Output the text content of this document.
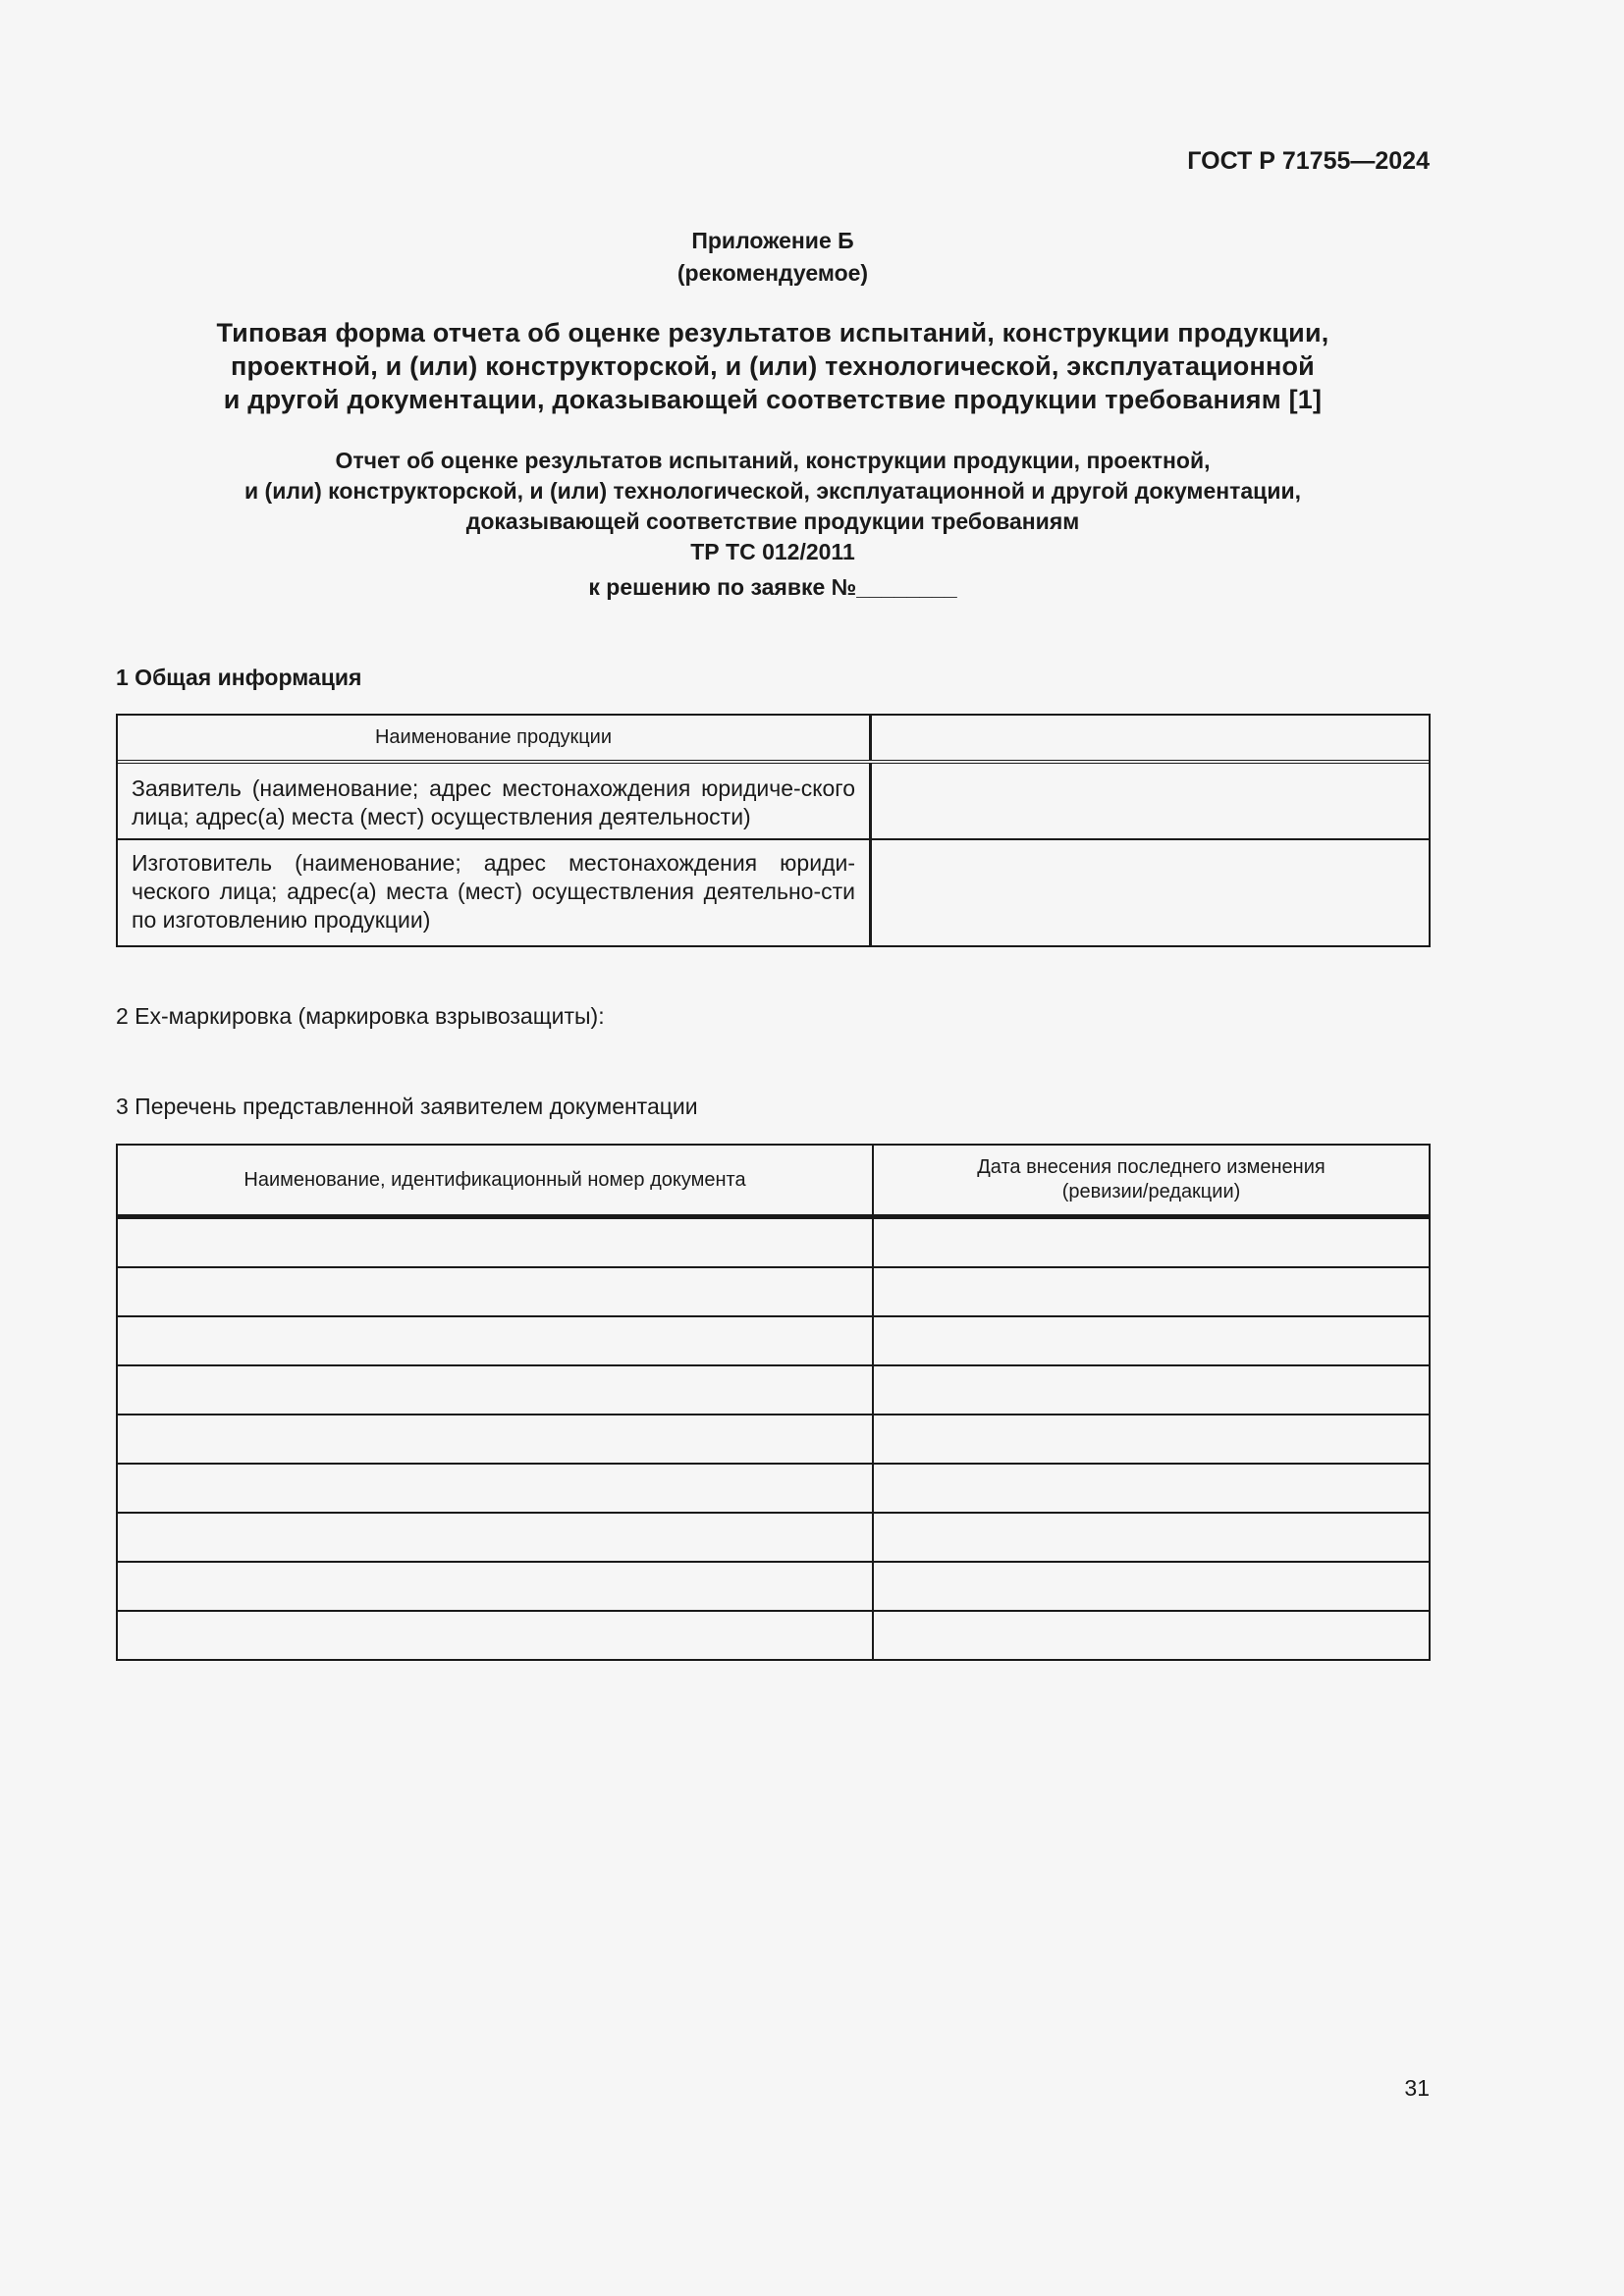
ГОСТ Р 71755—2024
Приложение Б
(рекомендуемое)
Типовая форма отчета об оценке результатов испытаний, конструкции продукции,
проектной, и (или) конструкторской, и (или) технологической, эксплуатационной
и другой документации, доказывающей соответствие продукции требованиям [1]
Отчет об оценке результатов испытаний, конструкции продукции, проектной,
и (или) конструкторской, и (или) технологической, эксплуатационной и другой документации,
доказывающей соответствие продукции требованиям
ТР ТС 012/2011
к решению по заявке №________
1 Общая информация
Наименование продукции
Заявитель (наименование; адрес местонахождения юридиче-ского лица; адрес(а) места (мест) осуществления деятельности)
Изготовитель (наименование; адрес местонахождения юриди-ческого лица; адрес(а) места (мест) осуществления деятельно-сти по изготовлению продукции)
2 Ех-маркировка (маркировка взрывозащиты):
3 Перечень представленной заявителем документации
Наименование, идентификационный номер документа
Дата внесения последнего изменения
(ревизии/редакции)
31
